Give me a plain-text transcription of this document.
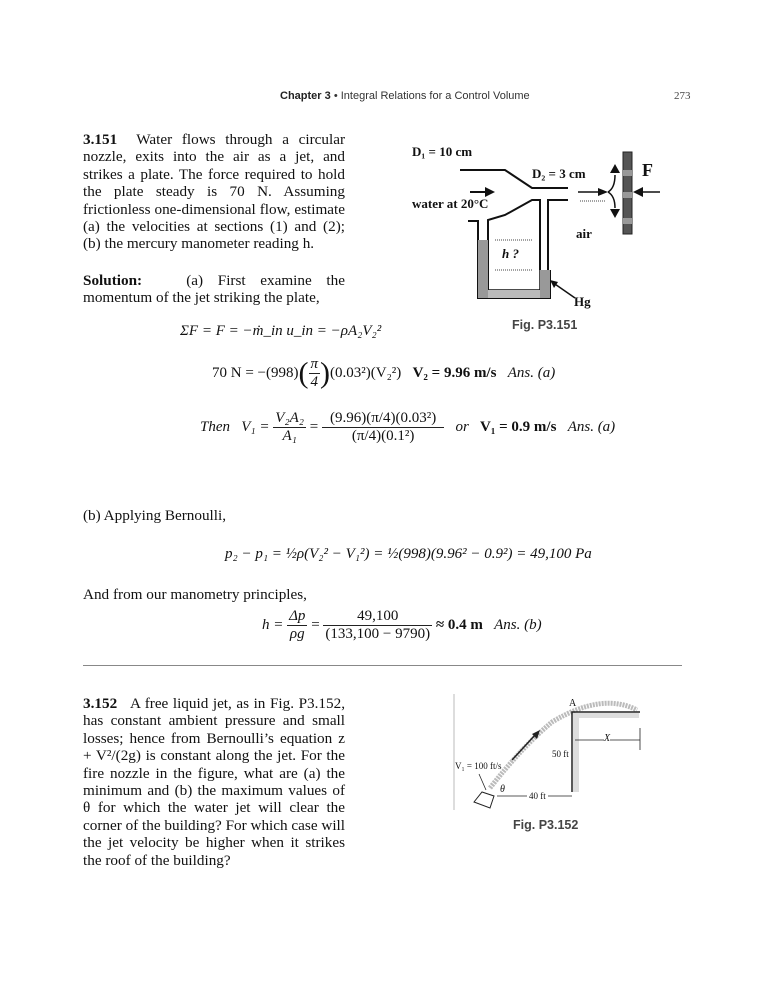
Chapter 3 • Integral Relations for a Control Volume	273
3.151 Water flows through a circular nozzle, exits into the air as a jet, and strikes a plate. The force required to hold the plate steady is 70 N. Assuming frictionless one-dimensional flow, estimate (a) the velocities at sections (1) and (2); (b) the mercury manometer reading h.
D₁ = 10 cm
D₂ = 3 cm	F
water at 20°C
air
h ?
Hg
Fig. P3.151
Solution:	(a) First examine the momentum of the jet striking the plate,
ΣF = F = −ṁ_in u_in = −ρA₂V₂²
70 $N = -(998)( \frac{\pi}{4} )(0.03^2)(V_2^2)$ V₂ = 9.96 m/s Ans. (a)
Then $V_1 = \frac{\text{V₂A₂}}{\text{A₁}} = \frac{\text{(9.96)(π/4)(0.03²)}}{\text{(π/4)(0.1²)}}$ or V₁ = 0.9 m/s Ans. (a)
(b) Applying Bernoulli,
p₂ − p₁ = ½ρ(V₂² − V₁²) = ½(998)(9.96² − 0.9²) = 49,100 Pa
And from our manometry principles,
$h = \frac{\Delta p}{\rho g} = \frac{49,100}{(133,100 - 9790)} \approx 0.4$ m Ans. (b)
3.152 A free liquid jet, as in Fig. P3.152, has constant ambient pressure and small losses; hence from Bernoulli’s equation z + V²/(2g) is constant along the jet. For the fire nozzle in the figure, what are (a) the minimum and (b) the maximum values of θ for which the water jet will clear the corner of the building? For which case will the jet velocity be higher when it strikes the roof of the building?
A
X
50 ft
V₁ = 100 ft/s
θ
40 ft
Fig. P3.152
